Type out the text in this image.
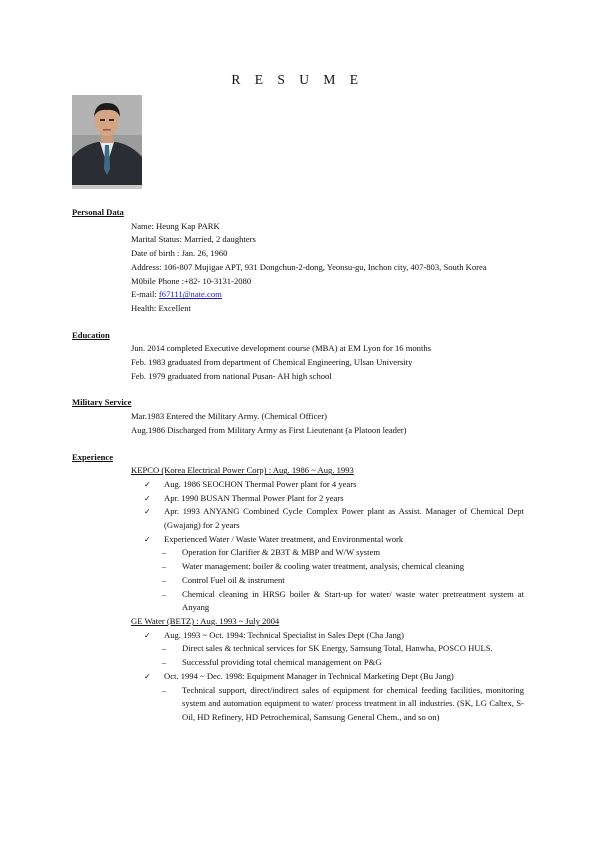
R E S U M E
Personal Data
Name: Heung Kap PARK
Marital Status: Married, 2 daughters
Date of birth : Jan. 26, 1960
Address: 106-807 Mujigae APT, 931 Dongchun-2-dong, Yeonsu-gu, Inchon city, 407-803, South Korea
M0bile Phone :+82- 10-3131-2080
E-mail: f67111@nate.com
Health: Excellent
Education
Jun. 2014 completed Executive development course (MBA) at EM Lyon for 16 months
Feb. 1983 graduated from department of Chemical Engineering, Ulsan University
Feb. 1979 graduated from national Pusan- AH high school
Military Service
Mar.1983 Entered the Military Army. (Chemical Officer)
Aug.1986 Discharged from Military Army as First Lieutenant (a Platoon leader)
Experience
KEPCO (Korea Electrical Power Corp) : Aug. 1986 ~ Aug. 1993
✓	Aug. 1986 SEOCHON Thermal Power plant for 4 years
✓	Apr. 1990 BUSAN Thermal Power Plant for 2 years
✓	Apr. 1993 ANYANG Combined Cycle Complex Power plant as Assist. Manager of Chemical Dept (Gwajang) for 2 years
✓	Experienced Water / Waste Water treatment, and Environmental work
– Operation for Clarifier & 2B3T & MBP and W/W system
– Water management: boiler & cooling water treatment, analysis, chemical cleaning
– Control Fuel oil & instrument
– Chemical cleaning in HRSG boiler & Start-up for water/ waste water pretreatment system at Anyang
GE Water (BETZ) : Aug. 1993 ~ July 2004
✓	Aug. 1993 ~ Oct. 1994: Technical Specialist in Sales Dept (Cha Jang)
– Direct sales & technical services for SK Energy, Samsung Total, Hanwha, POSCO HULS.
– Successful providing total chemical management on P&G
✓	Oct. 1994 ~ Dec. 1998: Equipment Manager in Technical Marketing Dept (Bu Jang)
– Technical support, direct/indirect sales of equipment for chemical feeding facilities, monitoring system and automation equipment to water/ process treatment in all industries. (SK, LG Caltex, S-Oil, HD Refinery, HD Petrochemical, Samsung General Chem., and so on)
